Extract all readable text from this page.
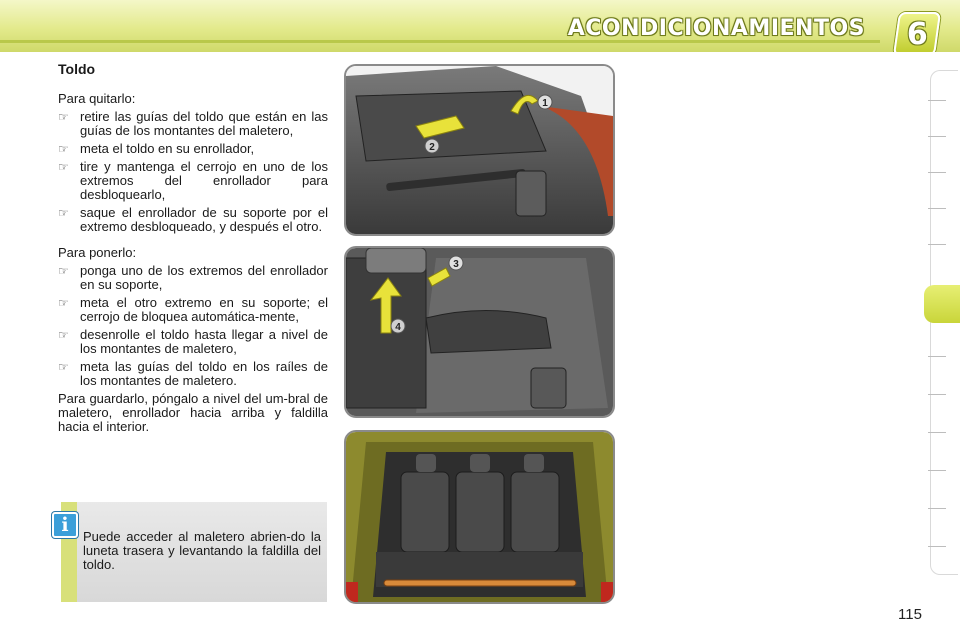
ACONDICIONAMIENTOS 6
Toldo
Para quitarlo:
☞ retire las guías del toldo que están en las guías de los montantes del maletero,
☞ meta el toldo en su enrollador,
☞ tire y mantenga el cerrojo en uno de los extremos del enrollador para desbloquearlo,
☞ saque el enrollador de su soporte por el extremo desbloqueado, y después el otro.
Para ponerlo:
☞ ponga uno de los extremos del enrollador en su soporte,
☞ meta el otro extremo en su soporte; el cerrojo de bloquea automática-mente,
☞ desenrolle el toldo hasta llegar a nivel de los montantes de maletero,
☞ meta las guías del toldo en los raíles de los montantes de maletero.
Para guardarlo, póngalo a nivel del um-bral de maletero, enrollador hacia arriba y faldilla hacia el interior.
i
Puede acceder al maletero abrien-do la luneta trasera y levantando la faldilla del toldo.
2
1
3
4
115
